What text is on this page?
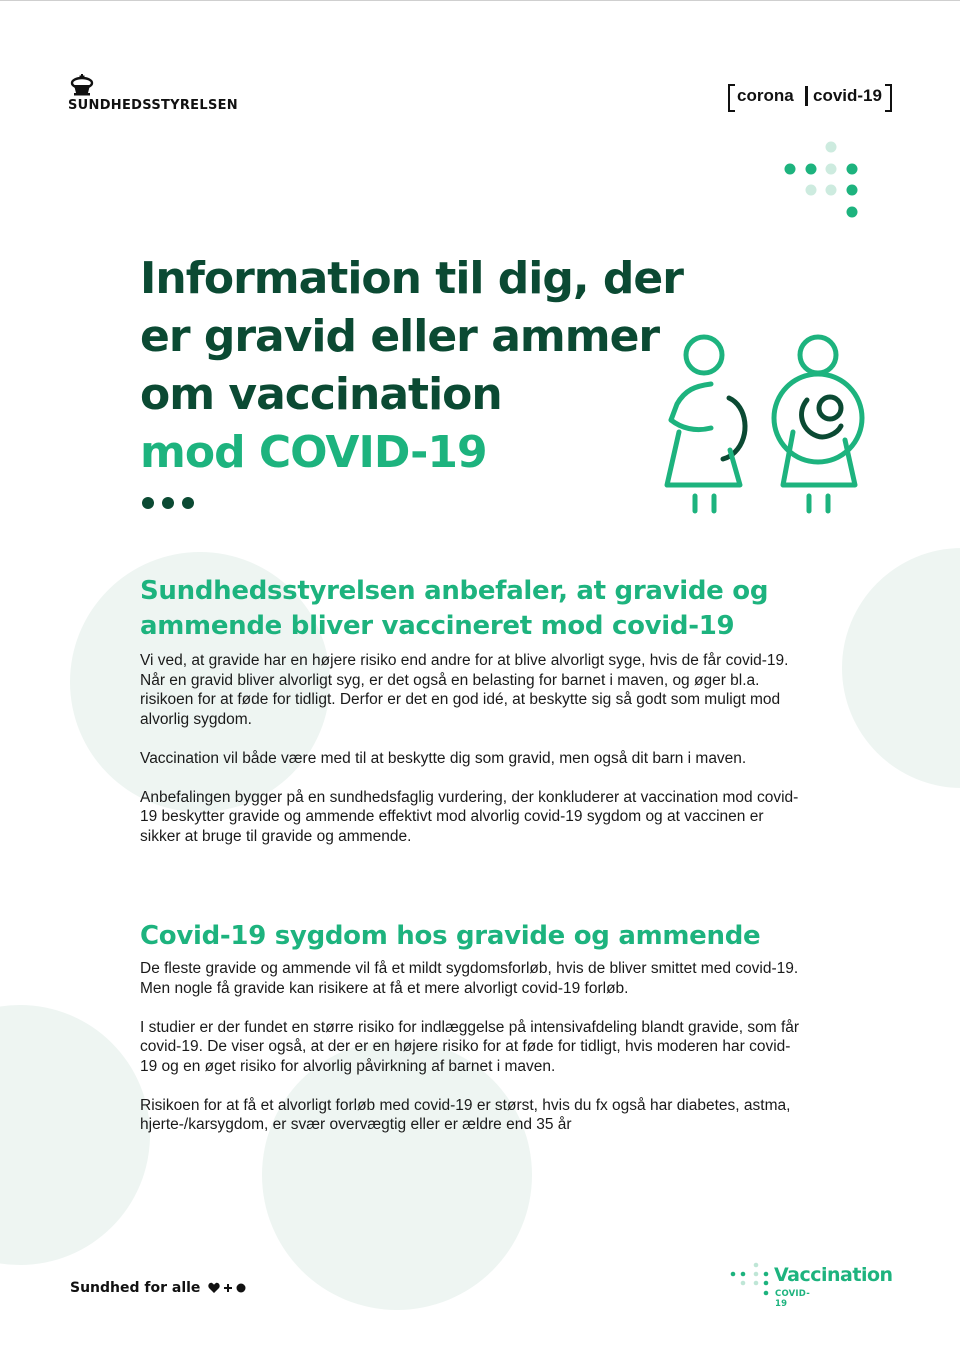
SUNDHEDSSTYRELSEN
corona covid-19
Information til dig, der
er gravid eller ammer
om vaccination
mod COVID-19
Sundhedsstyrelsen anbefaler, at gravide og
ammende bliver vaccineret mod covid-19

Vi ved, at gravide har en højere risiko end andre for at blive alvorligt syge, hvis de får covid-19. Når en gravid bliver alvorligt syg, er det også en belasting for barnet i maven, og øger bl.a. risikoen for at føde for tidligt. Derfor er det en god idé, at beskytte sig så godt som muligt mod alvorlig sygdom.

Vaccination vil både være med til at beskytte dig som gravid, men også dit barn i maven.

Anbefalingen bygger på en sundhedsfaglig vurdering, der konkluderer at vaccination mod covid-19 beskytter gravide og ammende effektivt mod alvorlig covid-19 sygdom og at vaccinen er sikker at bruge til gravide og ammende.

Covid-19 sygdom hos gravide og ammende

De fleste gravide og ammende vil få et mildt sygdomsforløb, hvis de bliver smittet med covid-19. Men nogle få gravide kan risikere at få et mere alvorligt covid-19 forløb.

I studier er der fundet en større risiko for indlæggelse på intensivafdeling blandt gravide, som får covid-19. De viser også, at der er en højere risiko for at føde for tidligt, hvis moderen har covid-19 og en øget risiko for alvorlig påvirkning af barnet i maven.

Risikoen for at få et alvorligt forløb med covid-19 er størst, hvis du fx også har diabetes, astma, hjerte-/karsygdom, er svær overvægtig eller er ældre end 35 år

Sundhed for alle
Vaccination
COVID-19
